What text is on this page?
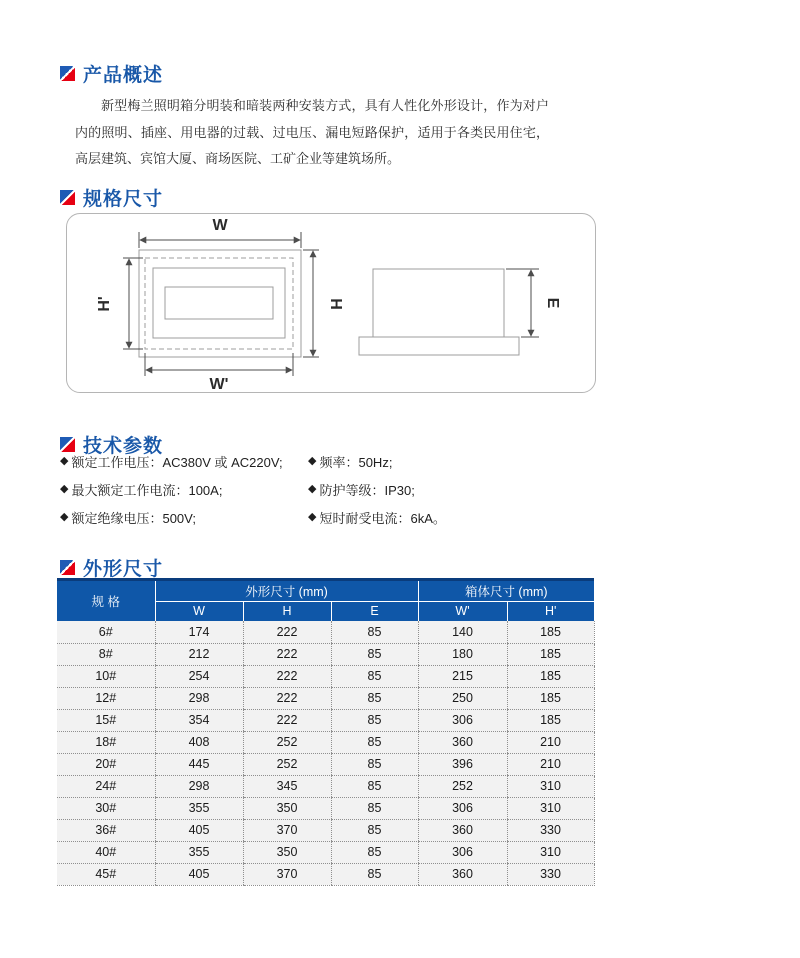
产品概述

新型梅兰照明箱分明装和暗装两种安装方式，具有人性化外形设计，作为对户内的照明、插座、用电器的过载、过电压、漏电短路保护，适用于各类民用住宅，高层建筑、宾馆大厦、商场医院、工矿企业等建筑场所。

规格尺寸
W
H
H'
W'
E
技术参数
◆ 额定工作电压：AC380V 或 AC220V;
◆ 最大额定工作电流：100A;
◆ 额定绝缘电压：500V;
◆ 频率：50Hz;
◆ 防护等级：IP30;
◆ 短时耐受电流：6kA。
外形尺寸
规 格	外形尺寸 (mm)			箱体尺寸 (mm)	
	W	H	E	W'	H'
6#	174	222	85	140	185
8#	212	222	85	180	185
10#	254	222	85	215	185
12#	298	222	85	250	185
15#	354	222	85	306	185
18#	408	252	85	360	210
20#	445	252	85	396	210
24#	298	345	85	252	310
30#	355	350	85	306	310
36#	405	370	85	360	330
40#	355	350	85	306	310
45#	405	370	85	360	330
